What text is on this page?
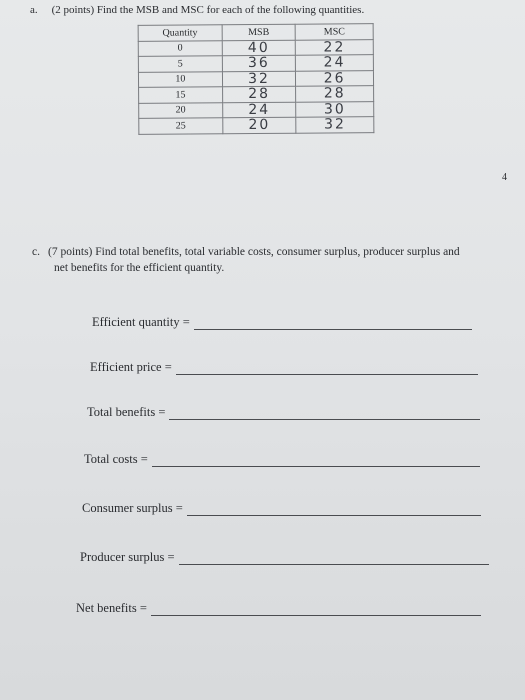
a. (2 points) Find the MSB and MSC for each of the following quantities.
Quantity	MSB	MSC
0	40	22
5	36	24
10	32	26
15	28	28
20	24	30
25	20	32
4
c. (7 points) Find total benefits, total variable costs, consumer surplus, producer surplus and
net benefits for the efficient quantity.
Efficient quantity =
Efficient price =
Total benefits =
Total costs =
Consumer surplus =
Producer surplus =
Net benefits =
